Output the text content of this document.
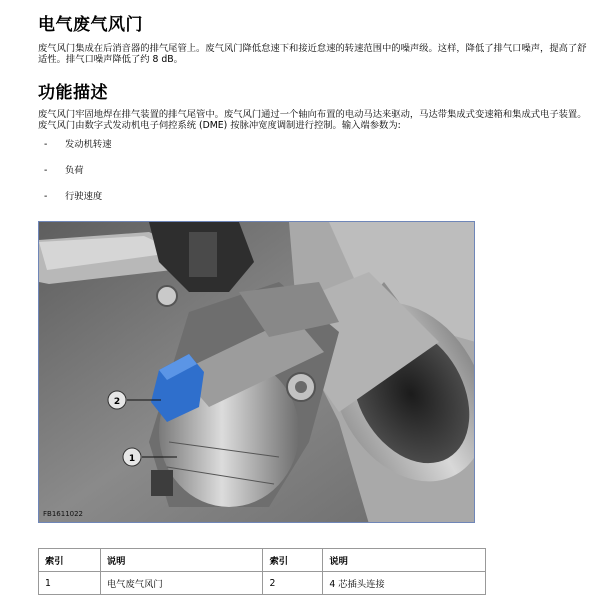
电气废气风门

废气风门集成在后消音器的排气尾管上。废气风门降低怠速下和接近怠速的转速范围中的噪声级。这样，降低了排气口噪声，提高了舒适性。排气口噪声降低了约 8 dB。

功能描述

废气风门牢固地焊在排气装置的排气尾管中。废气风门通过一个轴向布置的电动马达来驱动，马达带集成式变速箱和集成式电子装置。废气风门由数字式发动机电子伺控系统 (DME) 按脉冲宽度调制进行控制。输入端参数为:

- 发动机转速
- 负荷
- 行驶速度
2
1
FB1611022
索引	说明	索引	说明
1	电气废气风门	2	4 芯插头连接
